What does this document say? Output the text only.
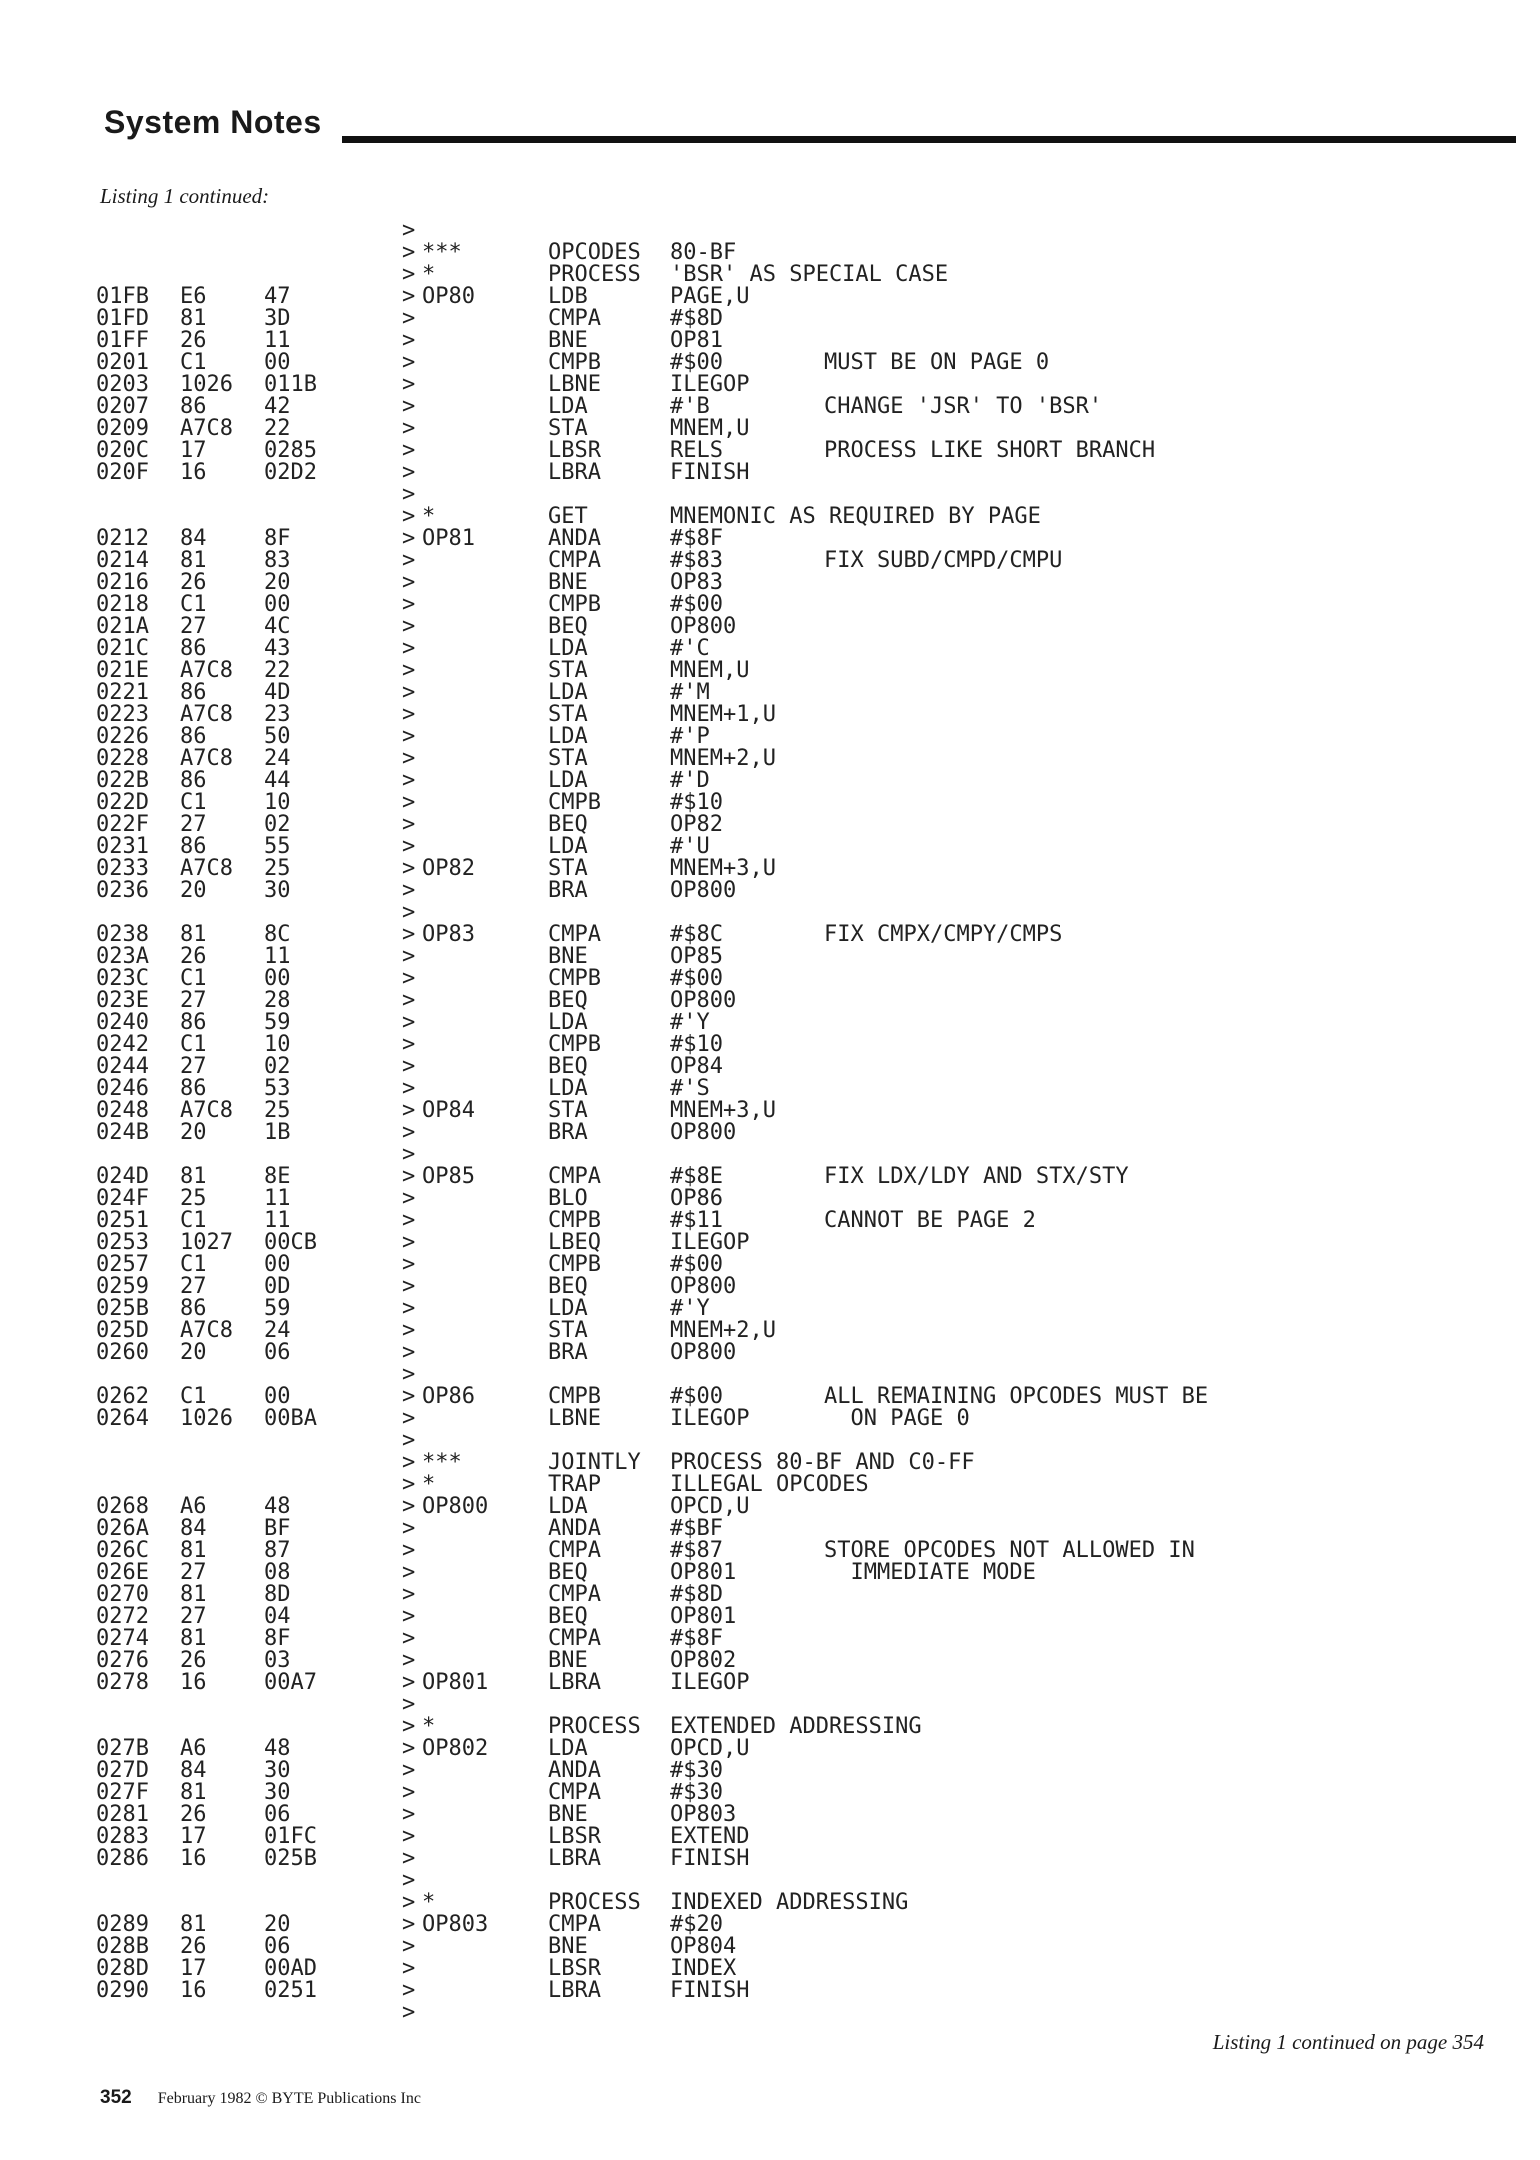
System Notes
Listing 1 continued:
>
> ***	OPCODES 80-BF
> *	PROCESS 'BSR' AS SPECIAL CASE
01FB E6	47	> OP80	LDB	PAGE,U
01FD 81	3D	>	CMPA	#$8D
01FF 26	11	>	BNE	OP81
0201 C1	00	>	CMPB	#$00	MUST BE ON PAGE 0
0203 1026 011B	>	LBNE	ILEGOP
0207 86	42	>	LDA	#'B	CHANGE 'JSR' TO 'BSR'
0209 A7C8 22	>	STA	MNEM,U
020C 17	0285	>	LBSR	RELS	PROCESS LIKE SHORT BRANCH
020F 16	02D2	>	LBRA	FINISH
>
> *	GET	MNEMONIC AS REQUIRED BY PAGE
0212 84	8F	> OP81	ANDA	#$8F
0214 81	83	>	CMPA	#$83	FIX SUBD/CMPD/CMPU
0216 26	20	>	BNE	OP83
0218 C1	00	>	CMPB	#$00
021A 27	4C	>	BEQ	OP800
021C 86	43	>	LDA	#'C
021E A7C8 22	>	STA	MNEM,U
0221 86	4D	>	LDA	#'M
0223 A7C8 23	>	STA	MNEM+1,U
0226 86	50	>	LDA	#'P
0228 A7C8 24	>	STA	MNEM+2,U
022B 86	44	>	LDA	#'D
022D C1	10	>	CMPB	#$10
022F 27	02	>	BEQ	OP82
0231 86	55	>	LDA	#'U
0233 A7C8 25	> OP82	STA	MNEM+3,U
0236 20	30	>	BRA	OP800
>
0238 81	8C	> OP83	CMPA	#$8C	FIX CMPX/CMPY/CMPS
023A 26	11	>	BNE	OP85
023C C1	00	>	CMPB	#$00
023E 27	28	>	BEQ	OP800
0240 86	59	>	LDA	#'Y
0242 C1	10	>	CMPB	#$10
0244 27	02	>	BEQ	OP84
0246 86	53	>	LDA	#'S
0248 A7C8 25	> OP84	STA	MNEM+3,U
024B 20	1B	>	BRA	OP800
>
024D 81	8E	> OP85	CMPA	#$8E	FIX LDX/LDY AND STX/STY
024F 25	11	>	BLO	OP86
0251 C1	11	>	CMPB	#$11	CANNOT BE PAGE 2
0253 1027 00CB	>	LBEQ	ILEGOP
0257 C1	00	>	CMPB	#$00
0259 27	0D	>	BEQ	OP800
025B 86	59	>	LDA	#'Y
025D A7C8 24	>	STA	MNEM+2,U
0260 20	06	>	BRA	OP800
>
0262 C1	00	> OP86	CMPB	#$00	ALL REMAINING OPCODES MUST BE
0264 1026 00BA	>	LBNE	ILEGOP	ON PAGE 0
>
> ***	JOINTLY PROCESS 80-BF AND C0-FF
> *	TRAP	ILLEGAL OPCODES
0268 A6	48	> OP800	LDA	OPCD,U
026A 84	BF	>	ANDA	#$BF
026C 81	87	>	CMPA	#$87	STORE OPCODES NOT ALLOWED IN
026E 27	08	>	BEQ	OP801	IMMEDIATE MODE
0270 81	8D	>	CMPA	#$8D
0272 27	04	>	BEQ	OP801
0274 81	8F	>	CMPA	#$8F
0276 26	03	>	BNE	OP802
0278 16	00A7	> OP801	LBRA	ILEGOP
>
> *	PROCESS EXTENDED ADDRESSING
027B A6	48	> OP802	LDA	OPCD,U
027D 84	30	>	ANDA	#$30
027F 81	30	>	CMPA	#$30
0281 26	06	>	BNE	OP803
0283 17	01FC	>	LBSR	EXTEND
0286 16	025B	>	LBRA	FINISH
>
> *	PROCESS INDEXED ADDRESSING
0289 81	20	> OP803	CMPA	#$20
028B 26	06	>	BNE	OP804
028D 17	00AD	>	LBSR	INDEX
0290 16	0251	>	LBRA	FINISH
>
Listing 1 continued on page 354
352 February 1982 © BYTE Publications Inc
